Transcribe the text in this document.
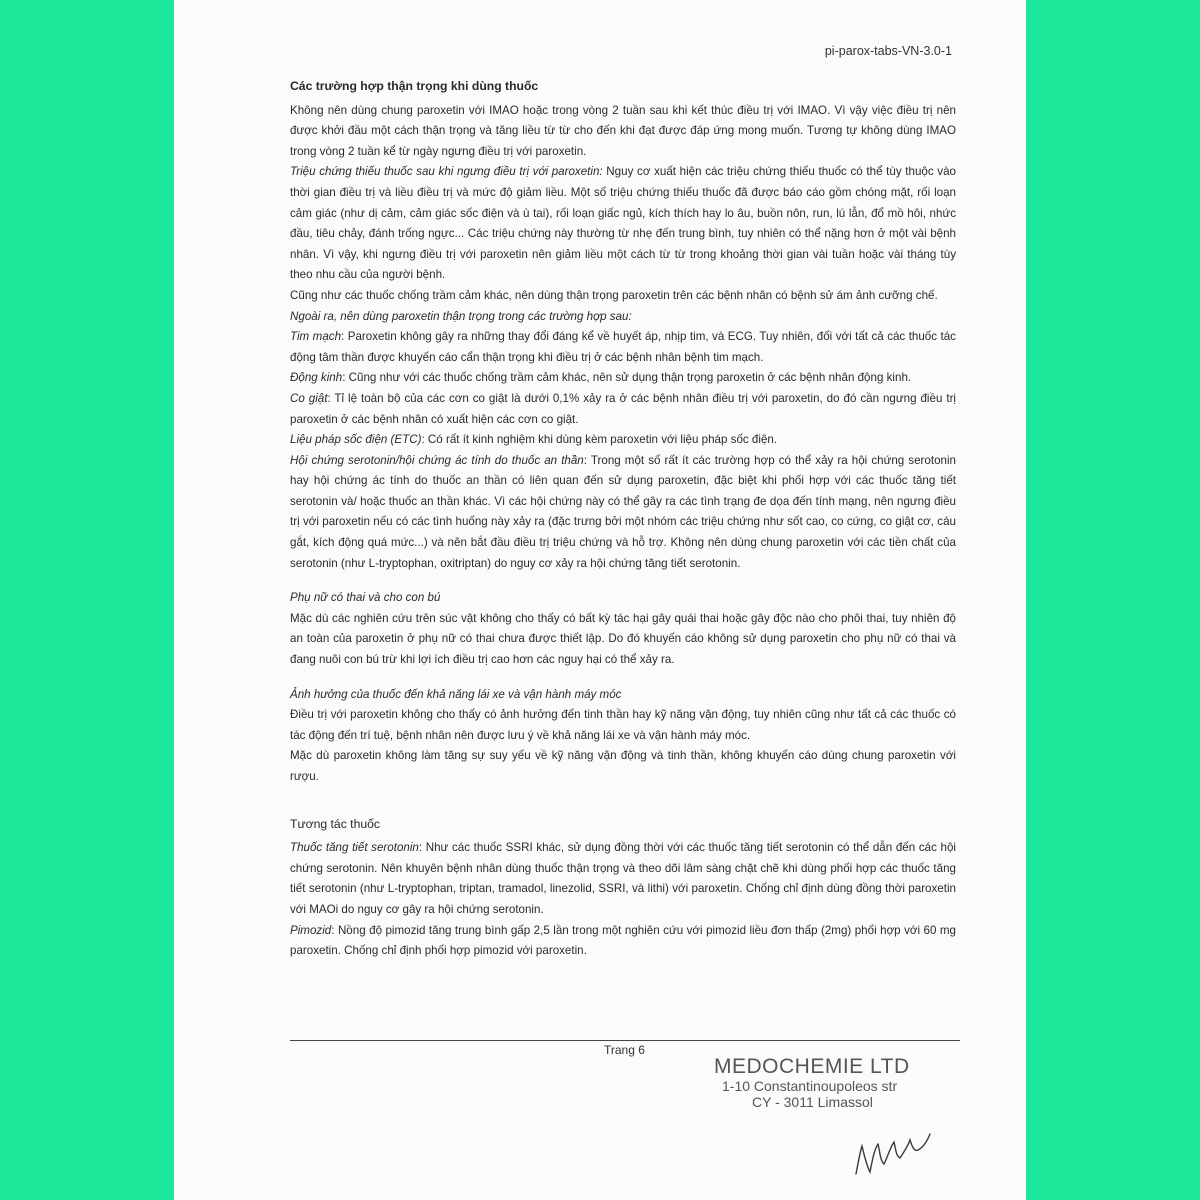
pi-parox-tabs-VN-3.0-1

Các trường hợp thận trọng khi dùng thuốc

Không nên dùng chung paroxetin với IMAO hoặc trong vòng 2 tuần sau khi kết thúc điều trị với IMAO. Vì vậy việc điều trị nên được khởi đầu một cách thận trọng và tăng liều từ từ cho đến khi đạt được đáp ứng mong muốn. Tương tự không dùng IMAO trong vòng 2 tuần kể từ ngày ngưng điều trị với paroxetin.

Triệu chứng thiếu thuốc sau khi ngưng điều trị với paroxetin: Nguy cơ xuất hiện các triệu chứng thiếu thuốc có thể tùy thuộc vào thời gian điều trị và liều điều trị và mức độ giảm liều. Một số triệu chứng thiếu thuốc đã được báo cáo gồm chóng mặt, rối loạn cảm giác (như dị cảm, cảm giác sốc điện và ù tai), rối loạn giấc ngủ, kích thích hay lo âu, buồn nôn, run, lú lẫn, đổ mồ hôi, nhức đầu, tiêu chảy, đánh trống ngực... Các triệu chứng này thường từ nhẹ đến trung bình, tuy nhiên có thể nặng hơn ở một vài bệnh nhân. Vì vậy, khi ngưng điều trị với paroxetin nên giảm liều một cách từ từ trong khoảng thời gian vài tuần hoặc vài tháng tùy theo nhu cầu của người bệnh.

Cũng như các thuốc chống trầm cảm khác, nên dùng thận trọng paroxetin trên các bệnh nhân có bệnh sử ám ảnh cưỡng chế.

Ngoài ra, nên dùng paroxetin thận trọng trong các trường hợp sau:

Tim mạch: Paroxetin không gây ra những thay đổi đáng kể về huyết áp, nhịp tim, và ECG. Tuy nhiên, đối với tất cả các thuốc tác động tâm thần được khuyến cáo cẩn thận trọng khi điều trị ở các bệnh nhân bệnh tim mạch.

Động kinh: Cũng như với các thuốc chống trầm cảm khác, nên sử dụng thận trọng paroxetin ở các bệnh nhân động kinh.

Co giật: Tỉ lệ toàn bộ của các cơn co giật là dưới 0,1% xảy ra ở các bệnh nhân điều trị với paroxetin, do đó cần ngưng điều trị paroxetin ở các bệnh nhân có xuất hiện các cơn co giật.

Liệu pháp sốc điện (ETC): Có rất ít kinh nghiệm khi dùng kèm paroxetin với liệu pháp sốc điện.

Hội chứng serotonin/hội chứng ác tính do thuốc an thần: Trong một số rất ít các trường hợp có thể xảy ra hội chứng serotonin hay hội chứng ác tính do thuốc an thần có liên quan đến sử dụng paroxetin, đặc biệt khi phối hợp với các thuốc tăng tiết serotonin và/ hoặc thuốc an thần khác. Vì các hội chứng này có thể gây ra các tình trạng đe dọa đến tính mạng, nên ngưng điều trị với paroxetin nếu có các tình huống này xảy ra (đặc trưng bởi một nhóm các triệu chứng như sốt cao, co cứng, co giật cơ, cáu gắt, kích động quá mức...) và nên bắt đầu điều trị triệu chứng và hỗ trợ. Không nên dùng chung paroxetin với các tiền chất của serotonin (như L-tryptophan, oxitriptan) do nguy cơ xảy ra hội chứng tăng tiết serotonin.

Phụ nữ có thai và cho con bú

Mặc dù các nghiên cứu trên súc vật không cho thấy có bất kỳ tác hại gây quái thai hoặc gây độc nào cho phôi thai, tuy nhiên độ an toàn của paroxetin ở phụ nữ có thai chưa được thiết lập. Do đó khuyến cáo không sử dụng paroxetin cho phụ nữ có thai và đang nuôi con bú trừ khi lợi ích điều trị cao hơn các nguy hại có thể xảy ra.

Ảnh hưởng của thuốc đến khả năng lái xe và vận hành máy móc

Điều trị với paroxetin không cho thấy có ảnh hưởng đến tinh thần hay kỹ năng vận động, tuy nhiên cũng như tất cả các thuốc có tác động đến trí tuệ, bệnh nhân nên được lưu ý về khả năng lái xe và vận hành máy móc.

Mặc dù paroxetin không làm tăng sự suy yếu về kỹ năng vận động và tinh thần, không khuyến cáo dùng chung paroxetin với rượu.

Tương tác thuốc

Thuốc tăng tiết serotonin: Như các thuốc SSRI khác, sử dụng đồng thời với các thuốc tăng tiết serotonin có thể dẫn đến các hội chứng serotonin. Nên khuyên bệnh nhân dùng thuốc thận trọng và theo dõi lâm sàng chặt chẽ khi dùng phối hợp các thuốc tăng tiết serotonin (như L-tryptophan, triptan, tramadol, linezolid, SSRI, và lithi) với paroxetin. Chống chỉ định dùng đồng thời paroxetin với MAOi do nguy cơ gây ra hội chứng serotonin.

Pimozid: Nồng độ pimozid tăng trung bình gấp 2,5 lần trong một nghiên cứu với pimozid liều đơn thấp (2mg) phối hợp với 60 mg paroxetin. Chống chỉ định phối hợp pimozid với paroxetin.

Trang 6
MEDOCHEMIE LTD
1-10 Constantinoupoleos str
CY - 3011 Limassol
